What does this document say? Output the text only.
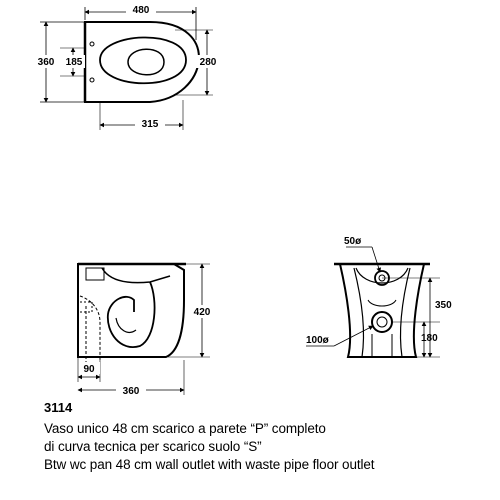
480
360 185	280
315
420
90
360
50ø
100ø
350
180
3114
Vaso unico 48 cm scarico a parete “P” completo
di curva tecnica per scarico suolo “S”
Btw wc pan 48 cm wall outlet with waste pipe floor outlet
